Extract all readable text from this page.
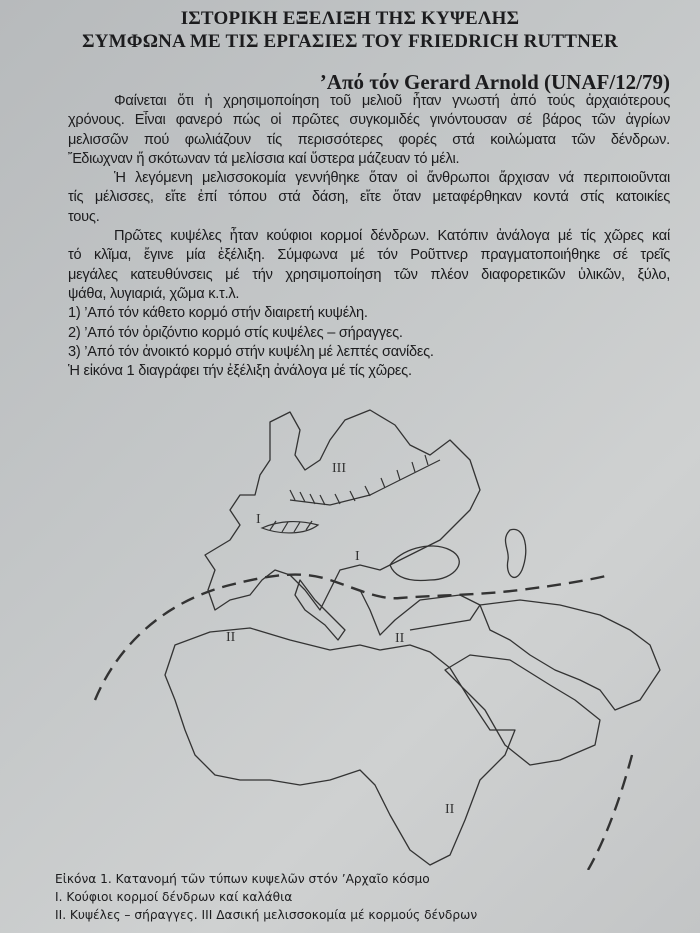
ΙΣΤΟΡΙΚΗ ΕΞΕΛΙΞΗ ΤΗΣ ΚΥΨΕΛΗΣ
ΣΥΜΦΩΝΑ ΜΕ ΤΙΣ ΕΡΓΑΣΙΕΣ ΤΟΥ FRIEDRICH RUTTNER
’Από τόν Gerard Arnold (UNAF/12/79)
Φαίνεται ὅτι ἡ χρησιμοποίηση τοῦ μελιοῦ ἦταν γνωστή ἀπό τούς ἀρχαιότερους
χρόνους. Εἶναι φανερό πώς οἱ πρῶτες συγκομιδές γινόντουσαν σέ βάρος τῶν ἀγρίων
μελισσῶν πού φωλιάζουν τίς περισσότερες φορές στά κοιλώματα τῶν δένδρων.
Ἔδιωχναν ἤ σκότωναν τά μελίσσια καί ὕστερα μάζευαν τό μέλι.
Ἡ λεγόμενη μελισσοκομία γεννήθηκε ὅταν οἱ ἄνθρωποι ἄρχισαν νά περιποιοῦνται
τίς μέλισσες, εἴτε ἐπί τόπου στά δάση, εἴτε ὅταν μεταφέρθηκαν κοντά στίς κατοικίες
τους.
Πρῶτες κυψέλες ἦταν κούφιοι κορμοί δένδρων. Κατόπιν ἀνάλογα μέ τίς χῶρες καί
τό κλῖμα, ἔγινε μία ἐξέλιξη. Σύμφωνα μέ τόν Ροῦττνερ πραγματοποιήθηκε σέ τρεῖς
μεγάλες κατευθύνσεις μέ τήν χρησιμοποίηση τῶν πλέον διαφορετικῶν ὑλικῶν, ξύλο,
ψάθα, λυγιαριά, χῶμα κ.τ.λ.
1) ’Από τόν κάθετο κορμό στήν διαιρετή κυψέλη.
2) ’Από τόν ὁριζόντιο κορμό στίς κυψέλες – σήραγγες.
3) ’Από τόν ἀνοικτό κορμό στήν κυψέλη μέ λεπτές σανίδες.
Ἡ εἰκόνα 1 διαγράφει τήν ἐξέλιξη ἀνάλογα μέ τίς χῶρες.
III
I
I
II	II
II
Εἰκόνα 1. Κατανομή τῶν τύπων κυψελῶν στόν ’Αρχαῖο κόσμο
I. Κούφιοι κορμοί δένδρων καί καλάθια
II. Κυψέλες – σήραγγες. III Δασική μελισσοκομία μέ κορμούς δένδρων
